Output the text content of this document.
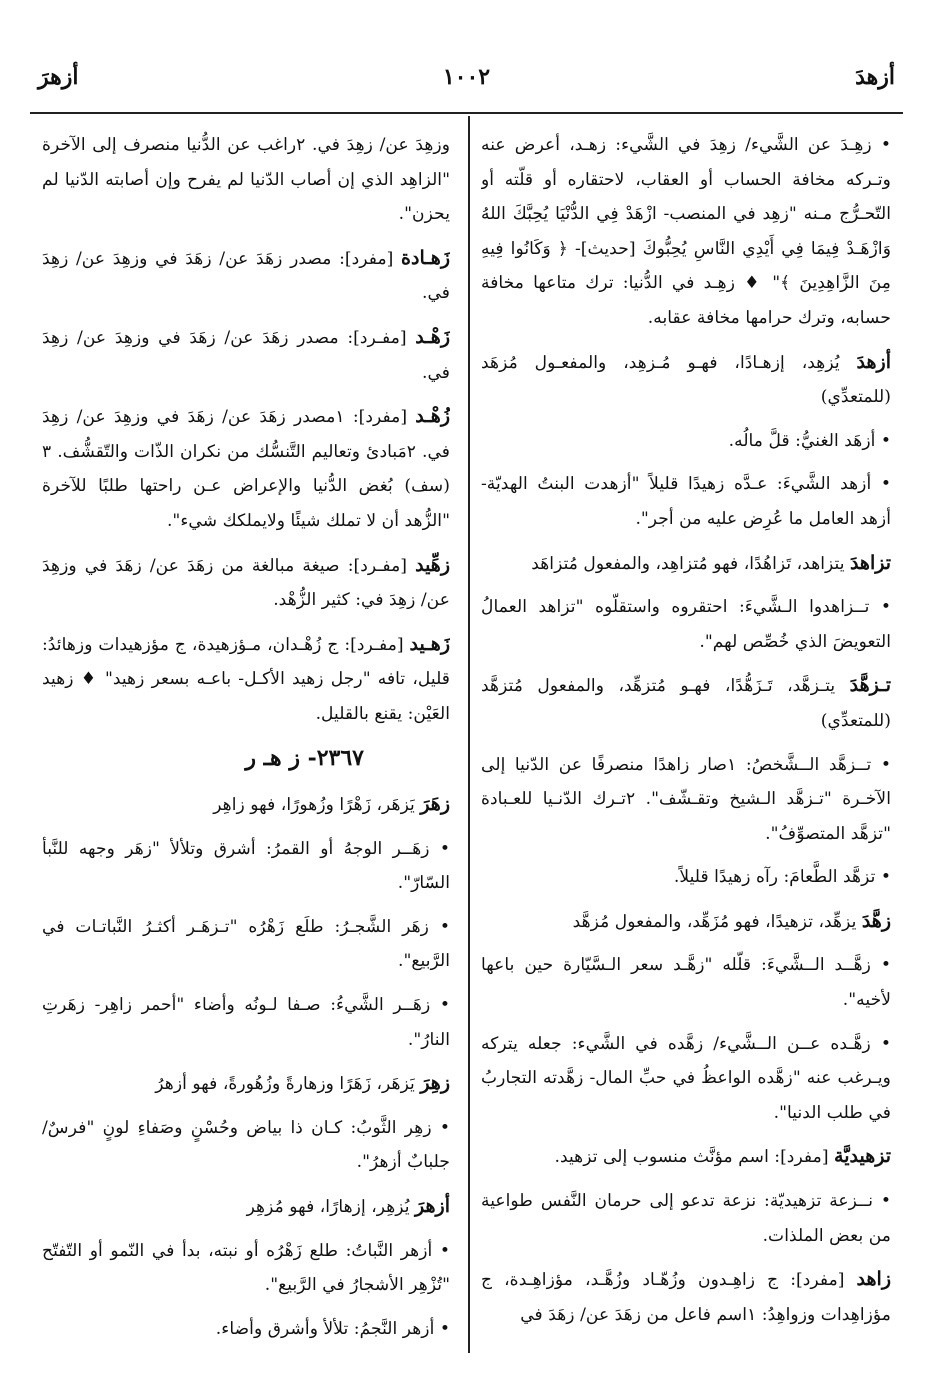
أزهدَ
١٠٠٢
أزهرَ

• زهِـدَ عن الشَّيء/ زهِدَ في الشَّيء: زهـد، أعرض عنه وتـركه مخافة الحساب أو العقاب، لاحتقاره أو قلّته أو التّحـرُّج مـنه "زهِد في المنصب- ازْهَدْ فِي الدُّنْيَا يُحِبَّكَ اللهُ وَازْهَـدْ فِيمَا فِي أَيْدِي النَّاسِ يُحِبُّوكَ [حديث]- ﴿ وَكَانُوا فِيهِ مِنَ الزَّاهِدِينَ ﴾" ♦ زهِـد في الدُّنيا: ترك متاعها مخافة حسابه، وترك حرامها مخافة عقابه.

أزهدَ يُزهِد، إزهـادًا، فهـو مُـزهِد، والمفعـول مُزهَد (للمتعدِّي)

• أزهَد الغنيُّ: قلَّ مالُه.

• أزهد الشَّيءَ: عـدَّه زهيدًا قليلاً "أزهدت البنتُ الهديّة- أزهد العامل ما عُرِض عليه من أجر".

تزاهدَ يتزاهد، تَزاهُدًا، فهو مُتزاهِد، والمفعول مُتزاهَد

• تــزاهدوا الـشَّيءَ: احتقروه واستقلّوه "تزاهد العمالُ التعويضَ الذي خُصِّص لهم".

تـزهَّدَ يتـزهَّد، تَـزَهُّدًا، فهـو مُتزهِّد، والمفعول مُتزهَّد (للمتعدِّي)

• تــزهَّد الــشَّخصُ: ١صار زاهدًا منصرفًا عن الدّنيا إلى الآخـرة "تـزهَّد الـشيخ وتقـشّف". ٢تـرك الدّنـيا للعـبادة "تزهَّد المتصوِّفُ".

• تزهَّد الطَّعامَ: رآه زهيدًا قليلاً.

زهَّدَ يزهِّد، تزهيدًا، فهو مُزَهِّد، والمفعول مُزهَّد

• زهَّــد الــشَّيءَ: قلّله "زهَّـد سعر الـسَّيّارة حين باعها لأخيه".

• زهَّـده عــن الــشَّيء/ زهَّده في الشَّيء: جعله يتركه ويـرغب عنه "زهَّده الواعظُ في حبِّ المال- زهَّدته التجاربُ في طلب الدنيا".

تزهيديَّة [مفرد]: اسم مؤنَّث منسوب إلى تزهيد.

• نــزعة تزهيديّة: نزعة تدعو إلى حرمان النَّفس طواعية من بعض الملذات.

زاهد [مفرد]: ج زاهِـدون وزُهّـاد وزُهَّـد، مؤزاهِـدة، ج مؤزاهِدات وزواهِدُ: ١اسم فاعل من زهَدَ عن/ زهَدَ في

وزهِدَ عن/ زهِدَ في. ٢راغب عن الدُّنيا منصرف إلى الآخرة "الزاهِد الذي إن أصاب الدّنيا لم يفرح وإن أصابته الدّنيا لم يحزن".

زَهـادة [مفرد]: مصدر زهَدَ عن/ زهَدَ في وزهِدَ عن/ زهِدَ في.

زَهْـد [مفـرد]: مصدر زهَدَ عن/ زهَدَ في وزهِدَ عن/ زهِدَ في.

زُهْـد [مفرد]: ١مصدر زهَدَ عن/ زهَدَ في وزهِدَ عن/ زهِدَ في. ٢مَبادئ وتعاليم التَّنسُّك من نكران الذّات والتّقشُّف. ٣ (سف) بُغض الدُّنيا والإعراض عـن راحتها طلبًا للآخرة "الزُّهد أن لا تملك شيئًا ولايملكك شيء".

زهِّيد [مفـرد]: صيغة مبالغة من زهَدَ عن/ زهَدَ في وزهِدَ عن/ زهِدَ في: كثير الزُّهْد.

زَهـيد [مفـرد]: ج زُهْـدان، مـؤزهيدة، ج مؤزهيدات وزهائدُ: قليل، تافه "رجل زهيد الأكـل- باعـه بسعر زهيد" ♦ زهيد العَيْن: يقنع بالقليل.

٢٣٦٧- ز هـ ر

زهَرَ يَزهَر، زَهْرًا وزُهورًا، فهو زاهِر

• زهَــر الوجهُ أو القمرُ: أشرق وتلألأ "زهَر وجهه للنَّبأ السّارّ".

• زهَر الشَّجـرُ: طلَع زَهْرُه "تـزهَـر أكثـرُ النَّباتـات في الرَّبيع".

• زهَــر الشَّيءُ: صـفا لـونُه وأضاء "أحمر زاهِر- زهَرتِ النارُ".

زهِرَ يَزهَر، زَهَرًا وزهارةً وزُهُورةً، فهو أزهرُ

• زهِر الثَّوبُ: كـان ذا بياض وحُسْنٍ وصَفاءِ لونٍ "فرسٌ/ جلبابٌ أزهرُ".

أزهرَ يُزهِر، إزهارًا، فهو مُزهِر

• أزهر النَّباتُ: طلع زَهْرُه أو نبته، بدأ في النّمو أو التّفتّح "تُزْهِر الأشجارُ في الرَّبيع".

• أزهر النَّجمُ: تلألأ وأشرق وأضاء.
